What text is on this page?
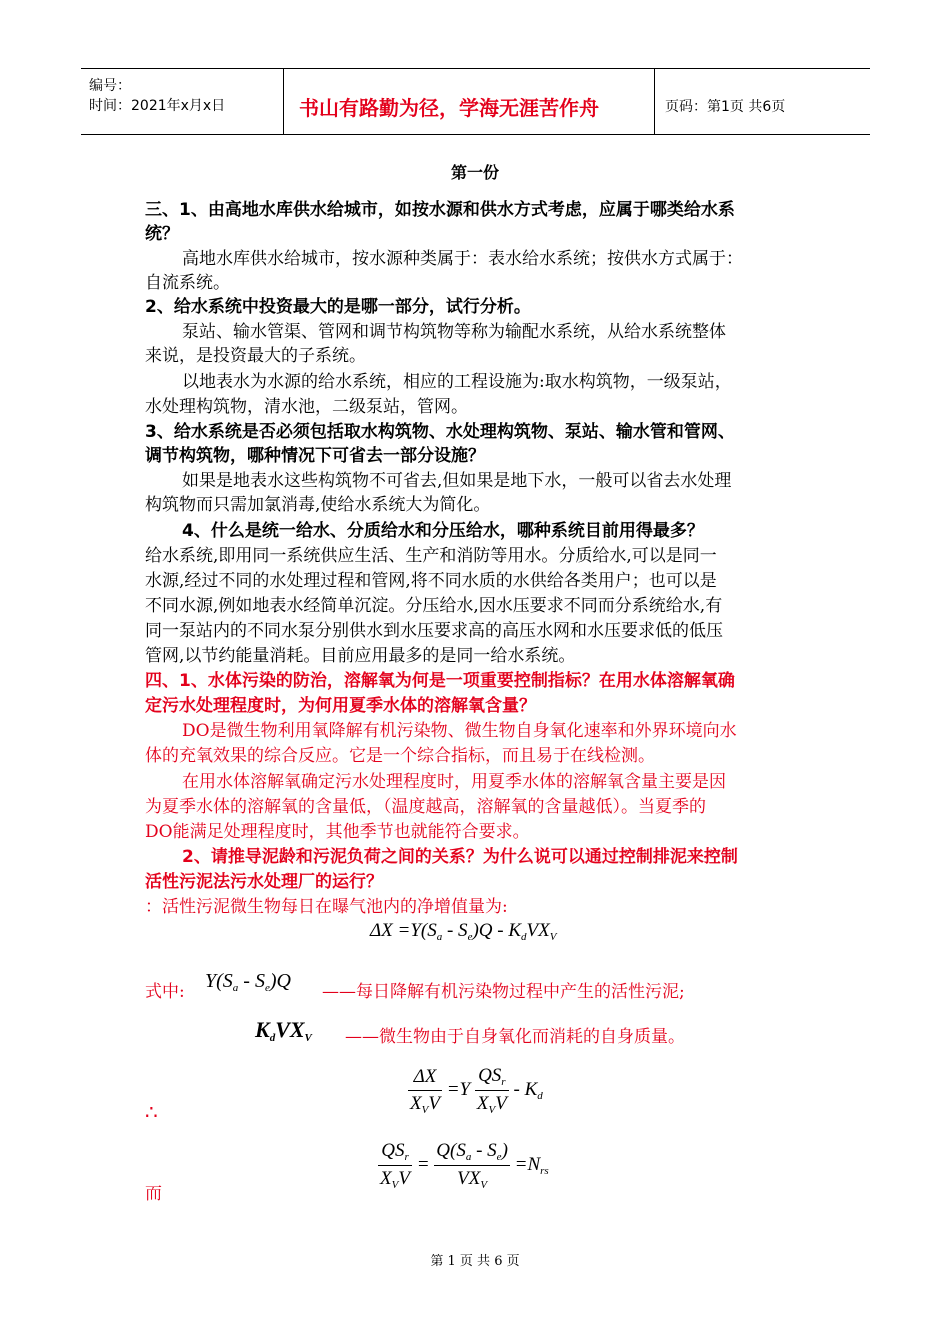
编号：
时间：2021年x月x日	书山有路勤为径，学海无涯苦作舟	页码：第1页 共6页
第一份
三、1、由高地水库供水给城市，如按水源和供水方式考虑，应属于哪类给水系
统？
高地水库供水给城市，按水源种类属于：表水给水系统；按供水方式属于：
自流系统。
2、给水系统中投资最大的是哪一部分，试行分析。
泵站、输水管渠、管网和调节构筑物等称为输配水系统，从给水系统整体
来说，是投资最大的子系统。
以地表水为水源的给水系统，相应的工程设施为:取水构筑物，一级泵站，
水处理构筑物，清水池，二级泵站，管网。
3、给水系统是否必须包括取水构筑物、水处理构筑物、泵站、输水管和管网、
调节构筑物，哪种情况下可省去一部分设施？
如果是地表水这些构筑物不可省去,但如果是地下水，一般可以省去水处理
构筑物而只需加氯消毒,使给水系统大为简化。
4、什么是统一给水、分质给水和分压给水，哪种系统目前用得最多？
给水系统,即用同一系统供应生活、生产和消防等用水。分质给水,可以是同一
水源,经过不同的水处理过程和管网,将不同水质的水供给各类用户；也可以是
不同水源,例如地表水经简单沉淀。分压给水,因水压要求不同而分系统给水,有
同一泵站内的不同水泵分别供水到水压要求高的高压水网和水压要求低的低压
管网,以节约能量消耗。目前应用最多的是同一给水系统。
四、1、水体污染的防治，溶解氧为何是一项重要控制指标？在用水体溶解氧确
定污水处理程度时，为何用夏季水体的溶解氧含量？
DO是微生物利用氧降解有机污染物、微生物自身氧化速率和外界环境向水
体的充氧效果的综合反应。它是一个综合指标，而且易于在线检测。
在用水体溶解氧确定污水处理程度时，用夏季水体的溶解氧含量主要是因
为夏季水体的溶解氧的含量低，（温度越高，溶解氧的含量越低）。当夏季的
DO能满足处理程度时，其他季节也就能符合要求。
2、请推导泥龄和污泥负荷之间的关系？为什么说可以通过控制排泥来控制
活性污泥法污水处理厂的运行？
：活性污泥微生物每日在曝气池内的净增值量为:
$\Delta X =Y(S_a - S_e)Q - K_dVX_V$
式中: $Y(S_a - S_e)Q$ ——每日降解有机污染物过程中产生的活性污泥;
$K_dVX_V$ ——微生物由于自身氧化而消耗的自身质量。
∴	$\frac{\Delta X}{X_VV} =Y \frac{QS_r}{X_VV} - K_d$
而
$\frac{QS_r}{X_VV} = \frac{Q(S_a - S_e)}{VX_V} =N_{rs}$
第 1 页 共 6 页
